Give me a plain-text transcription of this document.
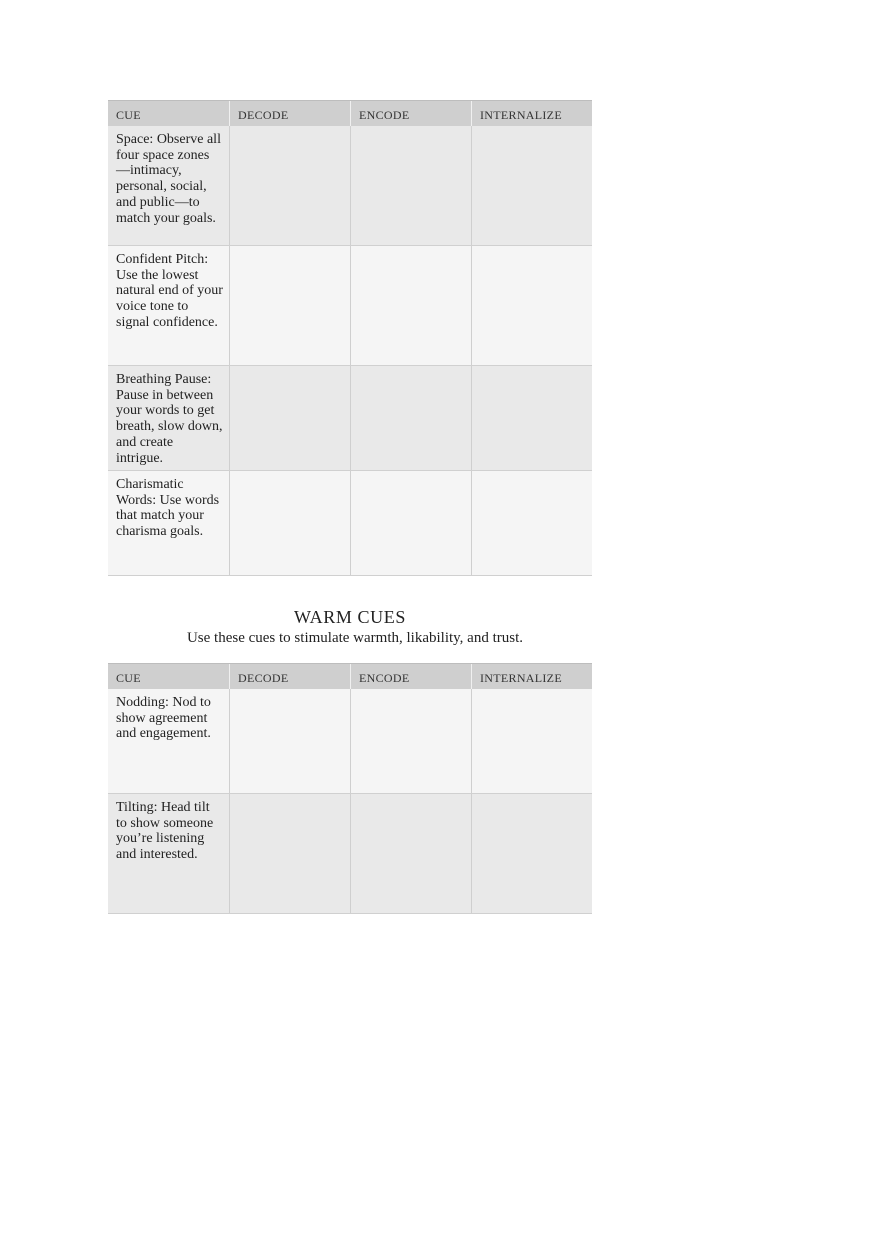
CUE	DECODE	ENCODE	INTERNALIZE
Space: Observe all four space zones—intimacy, personal, social, and public—to match your goals.
Confident Pitch: Use the lowest natural end of your voice tone to signal confidence.
Breathing Pause: Pause in between your words to get breath, slow down, and create intrigue.
Charismatic Words: Use words that match your charisma goals.
WARM CUES
Use these cues to stimulate warmth, likability, and trust.
CUE	DECODE	ENCODE	INTERNALIZE
Nodding: Nod to show agreement and engagement.
Tilting: Head tilt to show someone you’re listening and interested.
